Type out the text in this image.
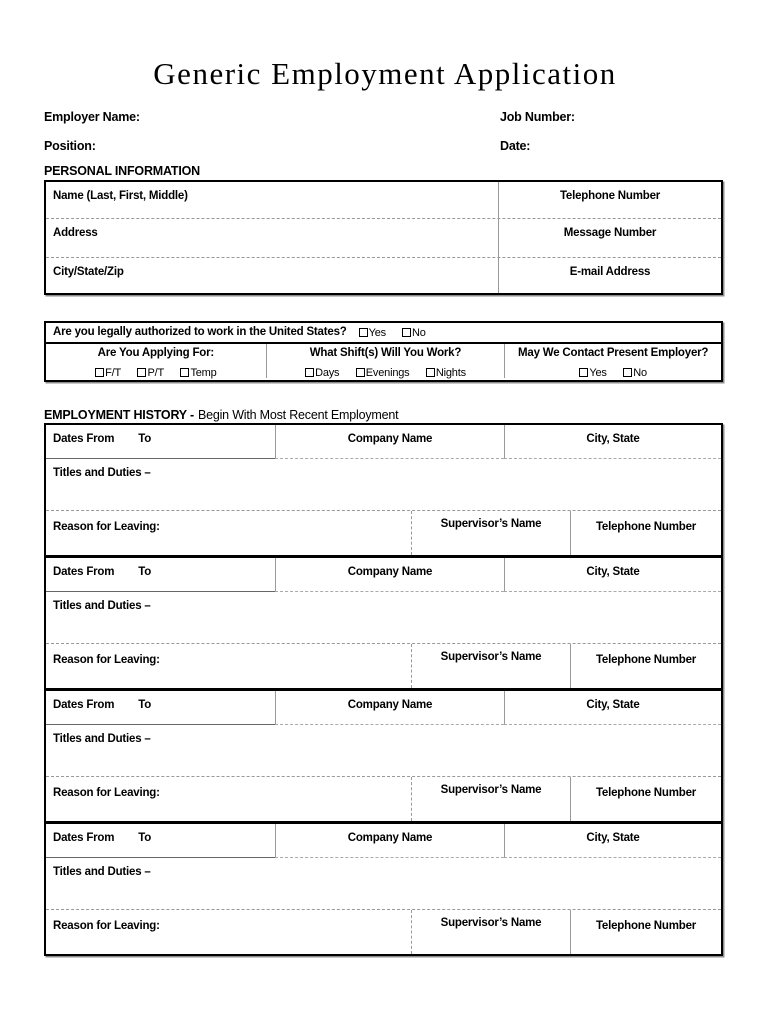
Generic Employment Application
Employer Name:	Job Number:
Position:	Date:
PERSONAL INFORMATION
Name (Last, First, Middle)	Telephone Number
Address	Message Number
City/State/Zip	E-mail Address
Are you legally authorized to work in the United States?	Yes	No
Are You Applying For:
F/T P/T Temp
What Shift(s) Will You Work?
Days Evenings Nights
May We Contact Present Employer?
Yes No
EMPLOYMENT HISTORY - Begin With Most Recent Employment
Dates From To	Company Name	City, State
Titles and Duties –
Reason for Leaving:	Supervisor’s Name	Telephone Number
Dates From To	Company Name	City, State
Titles and Duties –
Reason for Leaving:	Supervisor’s Name	Telephone Number
Dates From To	Company Name	City, State
Titles and Duties –
Reason for Leaving:	Supervisor’s Name	Telephone Number
Dates From To	Company Name	City, State
Titles and Duties –
Reason for Leaving:	Supervisor’s Name	Telephone Number
